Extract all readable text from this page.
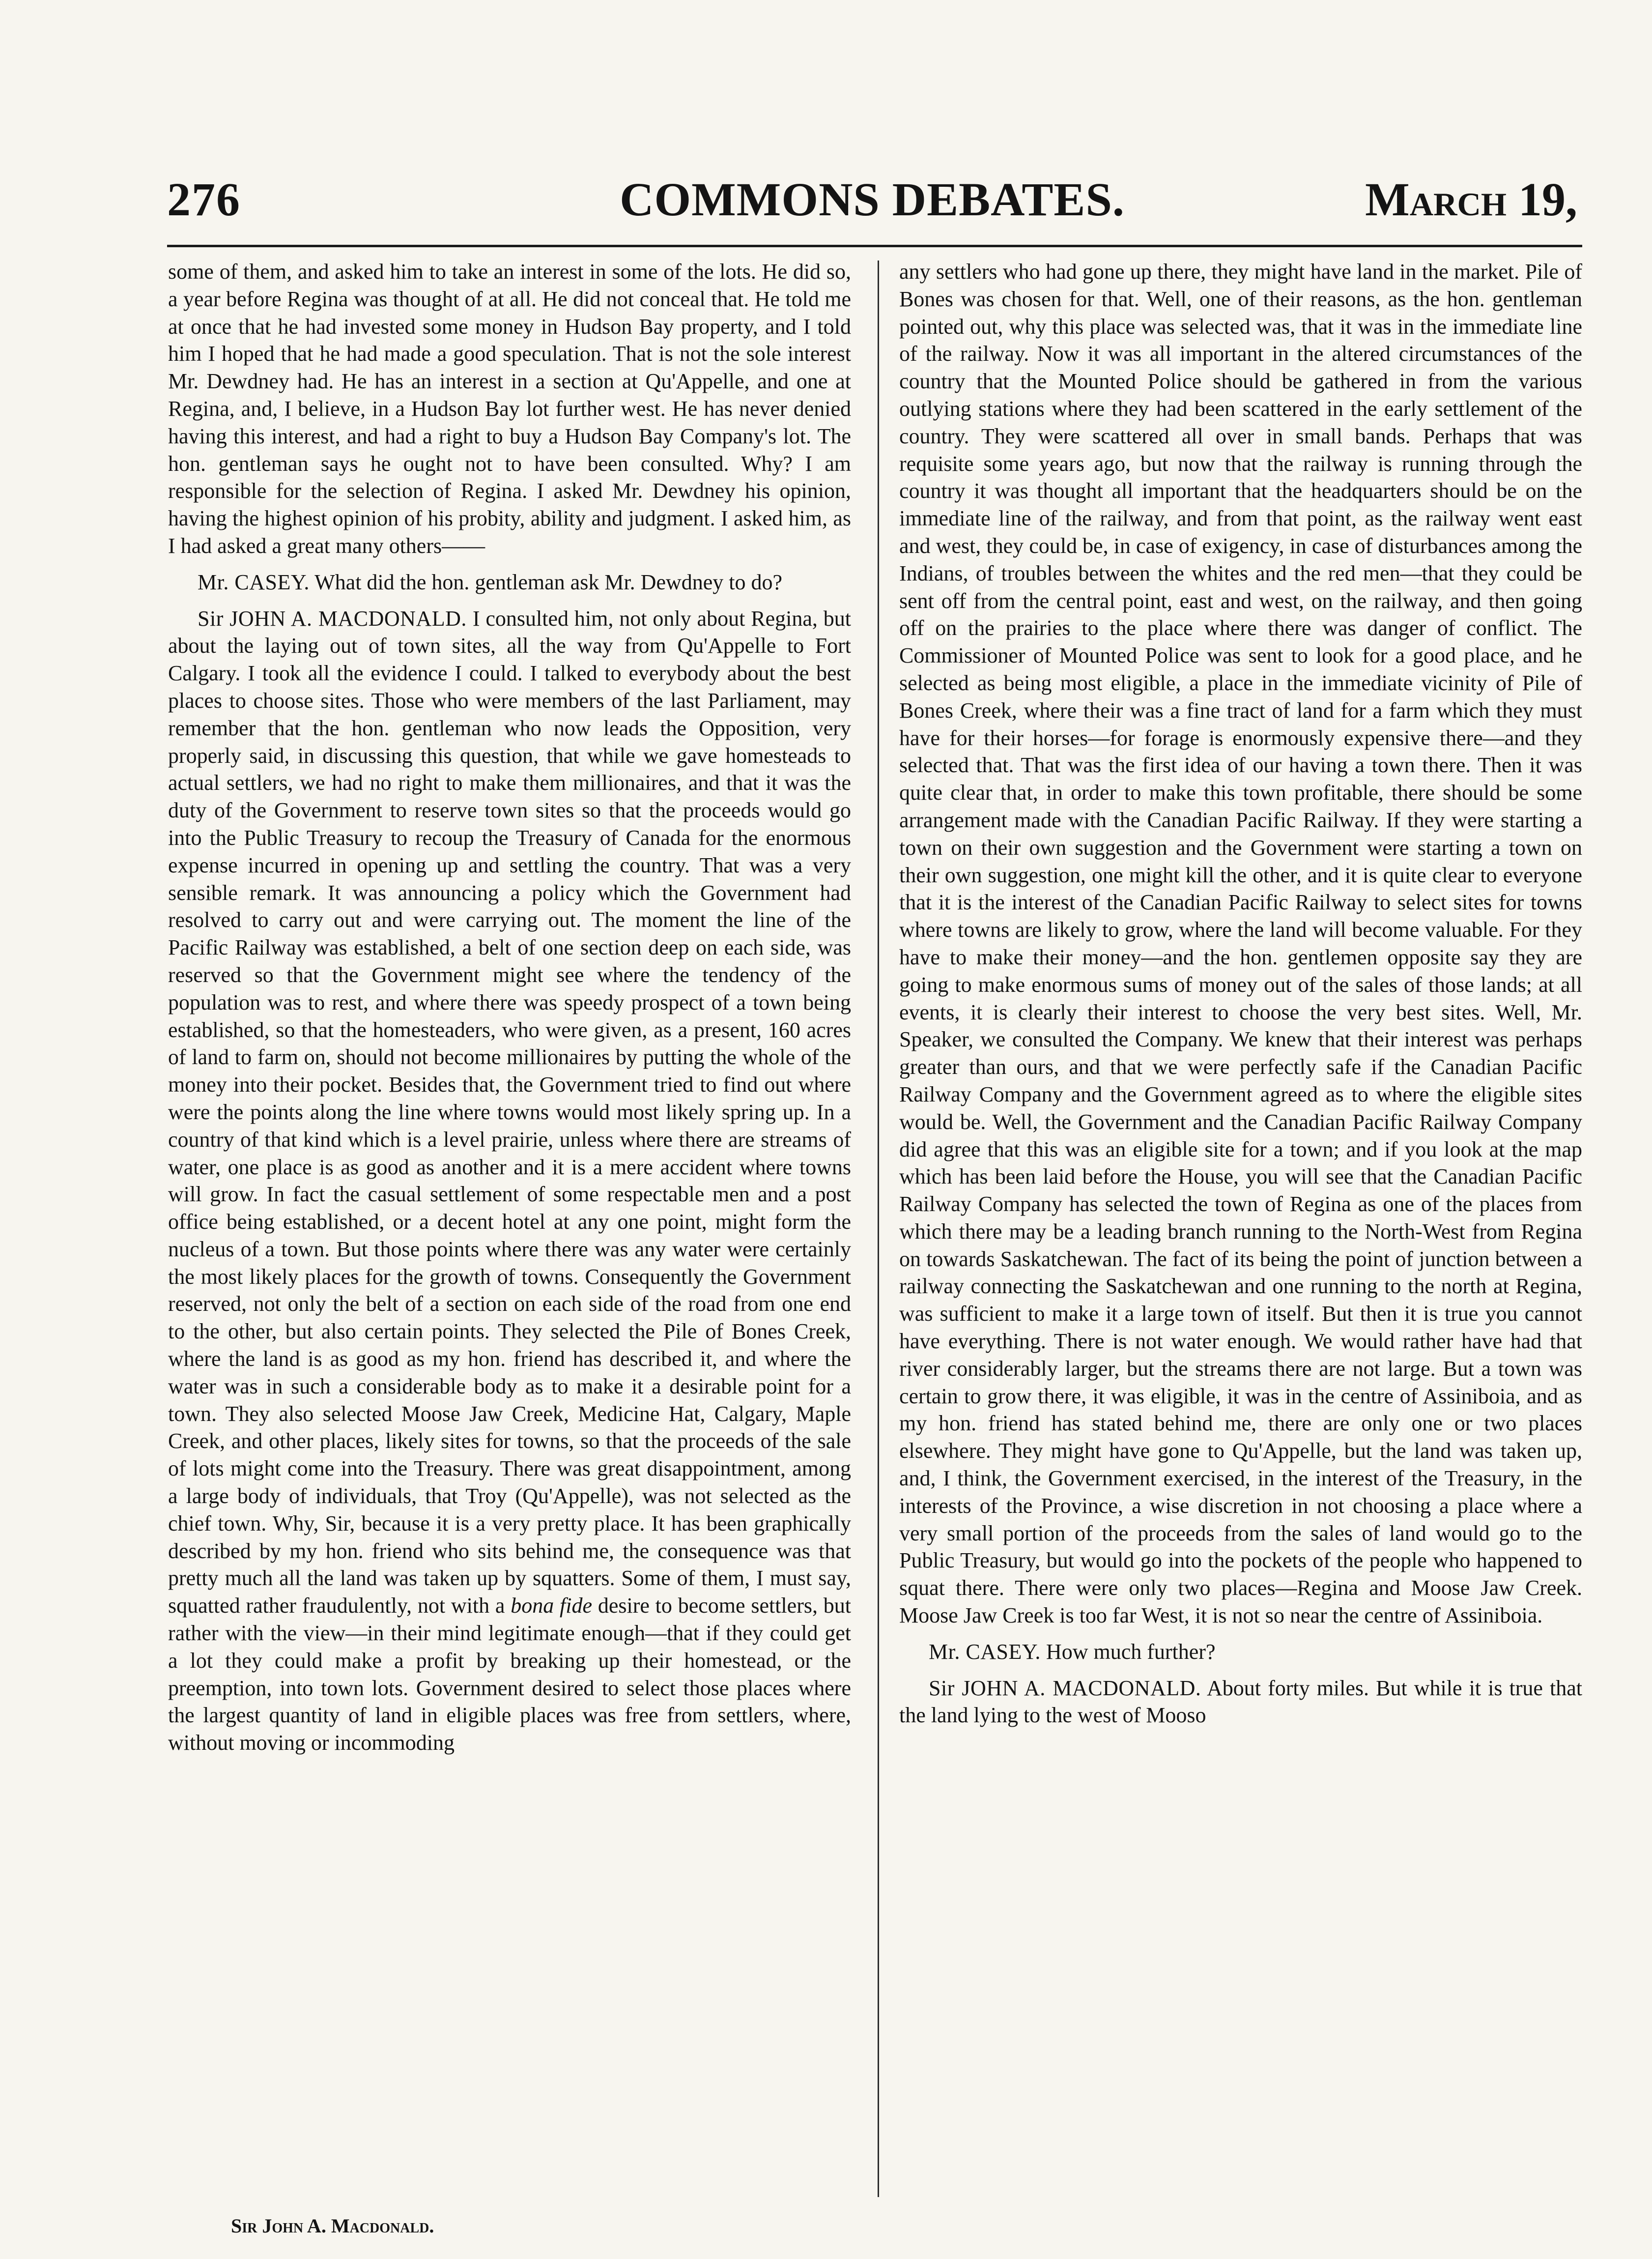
276	COMMONS DEBATES.	March 19,

some of them, and asked him to take an interest in some of the lots. He did so, a year before Regina was thought of at all. He did not conceal that. He told me at once that he had invested some money in Hudson Bay property, and I told him I hoped that he had made a good speculation. That is not the sole interest Mr. Dewdney had. He has an interest in a section at Qu'Appelle, and one at Regina, and, I believe, in a Hudson Bay lot further west. He has never denied having this interest, and had a right to buy a Hudson Bay Company's lot. The hon. gentleman says he ought not to have been consulted. Why? I am responsible for the selection of Regina. I asked Mr. Dewdney his opinion, having the highest opinion of his probity, ability and judgment. I asked him, as I had asked a great many others——

Mr. CASEY. What did the hon. gentleman ask Mr. Dewdney to do?

Sir JOHN A. MACDONALD. I consulted him, not only about Regina, but about the laying out of town sites, all the way from Qu'Appelle to Fort Calgary. I took all the evidence I could. I talked to everybody about the best places to choose sites. Those who were members of the last Parliament, may remember that the hon. gentleman who now leads the Opposition, very properly said, in discussing this question, that while we gave homesteads to actual settlers, we had no right to make them millionaires, and that it was the duty of the Government to reserve town sites so that the proceeds would go into the Public Treasury to recoup the Treasury of Canada for the enormous expense incurred in opening up and settling the country. That was a very sensible remark. It was announcing a policy which the Government had resolved to carry out and were carrying out. The moment the line of the Pacific Railway was established, a belt of one section deep on each side, was reserved so that the Government might see where the tendency of the population was to rest, and where there was speedy prospect of a town being established, so that the homesteaders, who were given, as a present, 160 acres of land to farm on, should not become millionaires by putting the whole of the money into their pocket. Besides that, the Government tried to find out where were the points along the line where towns would most likely spring up. In a country of that kind which is a level prairie, unless where there are streams of water, one place is as good as another and it is a mere accident where towns will grow. In fact the casual settlement of some respectable men and a post office being established, or a decent hotel at any one point, might form the nucleus of a town. But those points where there was any water were certainly the most likely places for the growth of towns. Consequently the Government reserved, not only the belt of a section on each side of the road from one end to the other, but also certain points. They selected the Pile of Bones Creek, where the land is as good as my hon. friend has described it, and where the water was in such a considerable body as to make it a desirable point for a town. They also selected Moose Jaw Creek, Medicine Hat, Calgary, Maple Creek, and other places, likely sites for towns, so that the proceeds of the sale of lots might come into the Treasury. There was great disappointment, among a large body of individuals, that Troy (Qu'Appelle), was not selected as the chief town. Why, Sir, because it is a very pretty place. It has been graphically described by my hon. friend who sits behind me, the consequence was that pretty much all the land was taken up by squatters. Some of them, I must say, squatted rather fraudulently, not with a bona fide desire to become settlers, but rather with the view—in their mind legitimate enough—that if they could get a lot they could make a profit by breaking up their homestead, or the preemption, into town lots. Government desired to select those places where the largest quantity of land in eligible places was free from settlers, where, without moving or incommoding

any settlers who had gone up there, they might have land in the market. Pile of Bones was chosen for that. Well, one of their reasons, as the hon. gentleman pointed out, why this place was selected was, that it was in the immediate line of the railway. Now it was all important in the altered circumstances of the country that the Mounted Police should be gathered in from the various outlying stations where they had been scattered in the early settlement of the country. They were scattered all over in small bands. Perhaps that was requisite some years ago, but now that the railway is running through the country it was thought all important that the headquarters should be on the immediate line of the railway, and from that point, as the railway went east and west, they could be, in case of exigency, in case of disturbances among the Indians, of troubles between the whites and the red men—that they could be sent off from the central point, east and west, on the railway, and then going off on the prairies to the place where there was danger of conflict. The Commissioner of Mounted Police was sent to look for a good place, and he selected as being most eligible, a place in the immediate vicinity of Pile of Bones Creek, where their was a fine tract of land for a farm which they must have for their horses—for forage is enormously expensive there—and they selected that. That was the first idea of our having a town there. Then it was quite clear that, in order to make this town profitable, there should be some arrangement made with the Canadian Pacific Railway. If they were starting a town on their own suggestion and the Government were starting a town on their own suggestion, one might kill the other, and it is quite clear to everyone that it is the interest of the Canadian Pacific Railway to select sites for towns where towns are likely to grow, where the land will become valuable. For they have to make their money—and the hon. gentlemen opposite say they are going to make enormous sums of money out of the sales of those lands; at all events, it is clearly their interest to choose the very best sites. Well, Mr. Speaker, we consulted the Company. We knew that their interest was perhaps greater than ours, and that we were perfectly safe if the Canadian Pacific Railway Company and the Government agreed as to where the eligible sites would be. Well, the Government and the Canadian Pacific Railway Company did agree that this was an eligible site for a town; and if you look at the map which has been laid before the House, you will see that the Canadian Pacific Railway Company has selected the town of Regina as one of the places from which there may be a leading branch running to the North-West from Regina on towards Saskatchewan. The fact of its being the point of junction between a railway connecting the Saskatchewan and one running to the north at Regina, was sufficient to make it a large town of itself. But then it is true you cannot have everything. There is not water enough. We would rather have had that river considerably larger, but the streams there are not large. But a town was certain to grow there, it was eligible, it was in the centre of Assiniboia, and as my hon. friend has stated behind me, there are only one or two places elsewhere. They might have gone to Qu'Appelle, but the land was taken up, and, I think, the Government exercised, in the interest of the Treasury, in the interests of the Province, a wise discretion in not choosing a place where a very small portion of the proceeds from the sales of land would go to the Public Treasury, but would go into the pockets of the people who happened to squat there. There were only two places—Regina and Moose Jaw Creek. Moose Jaw Creek is too far West, it is not so near the centre of Assiniboia.

Mr. CASEY. How much further?

Sir JOHN A. MACDONALD. About forty miles. But while it is true that the land lying to the west of Mooso

Sir John A. Macdonald.
